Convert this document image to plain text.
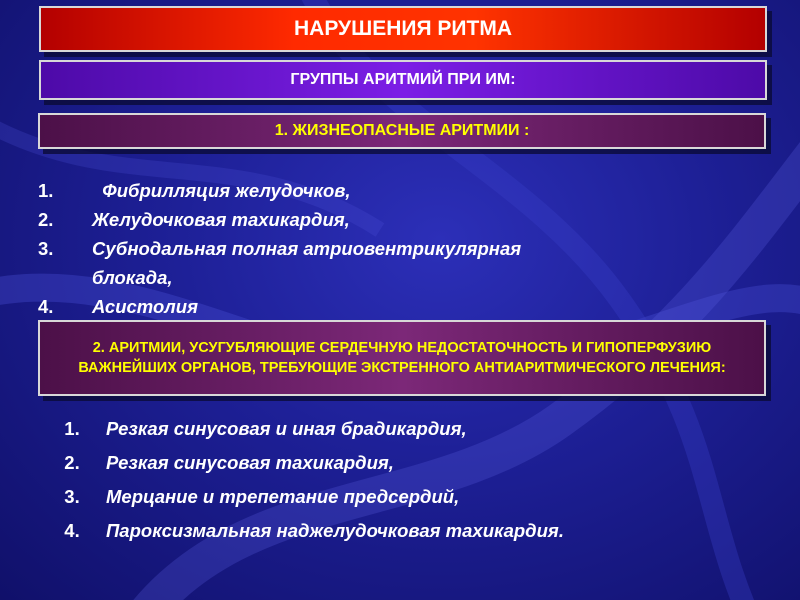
НАРУШЕНИЯ РИТМА
ГРУППЫ АРИТМИЙ ПРИ ИМ:
1. ЖИЗНЕОПАСНЫЕ АРИТМИИ :
1.	Фибрилляция желудочков,
2.	Желудочковая тахикардия,
3.	Субнодальная полная атриовентрикулярная
блокада,
4.	Асистолия
2. АРИТМИИ, УСУГУБЛЯЮЩИЕ СЕРДЕЧНУЮ НЕДОСТАТОЧНОСТЬ И ГИПОПЕРФУЗИЮ ВАЖНЕЙШИХ ОРГАНОВ, ТРЕБУЮЩИЕ ЭКСТРЕННОГО АНТИАРИТМИЧЕСКОГО ЛЕЧЕНИЯ:
1.	Резкая синусовая и иная брадикардия,
2.	Резкая синусовая тахикардия,
3.	Мерцание и трепетание предсердий,
4.	Пароксизмальная наджелудочковая тахикардия.
